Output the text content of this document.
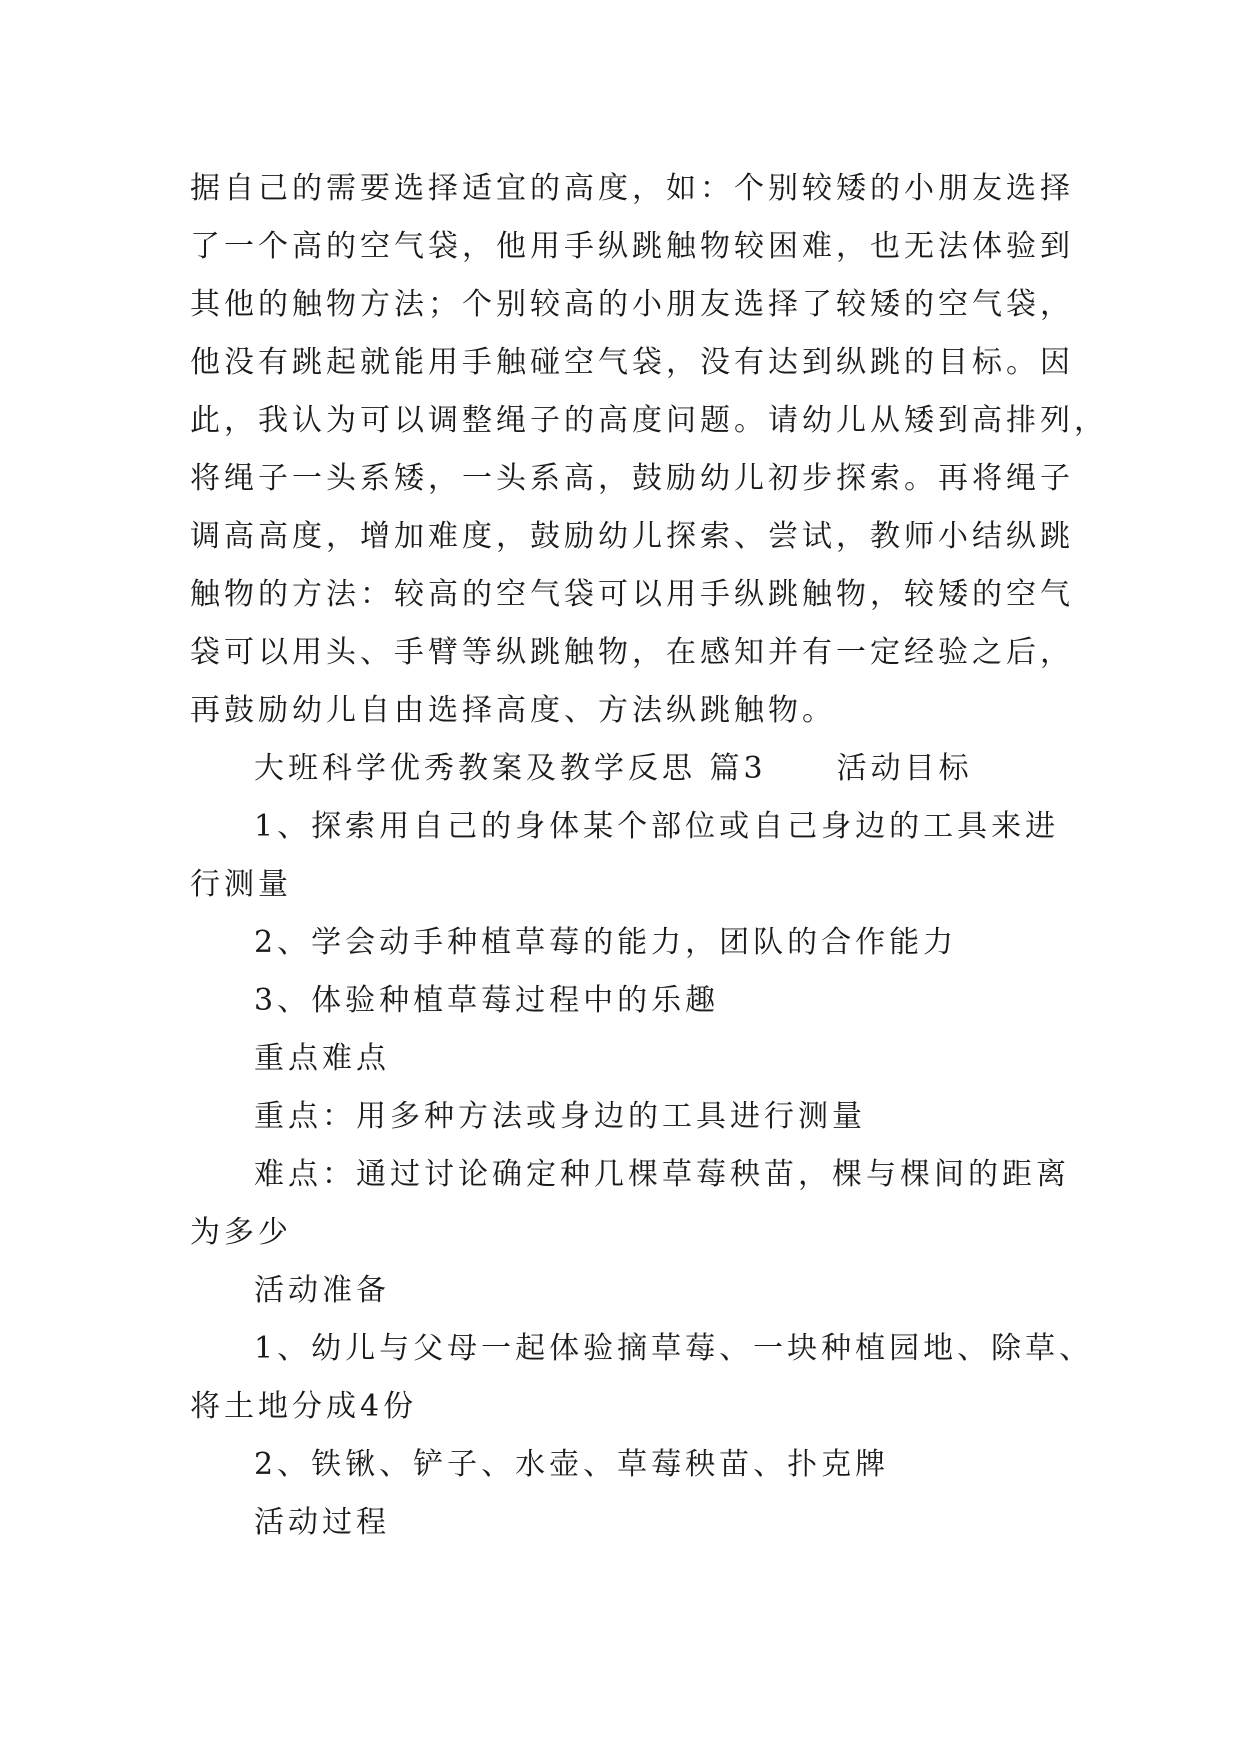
据自己的需要选择适宜的高度，如：个别较矮的小朋友选择
了一个高的空气袋，他用手纵跳触物较困难，也无法体验到
其他的触物方法；个别较高的小朋友选择了较矮的空气袋，
他没有跳起就能用手触碰空气袋，没有达到纵跳的目标。因
此，我认为可以调整绳子的高度问题。请幼儿从矮到高排列，
将绳子一头系矮，一头系高，鼓励幼儿初步探索。再将绳子
调高高度，增加难度，鼓励幼儿探索、尝试，教师小结纵跳
触物的方法：较高的空气袋可以用手纵跳触物，较矮的空气
袋可以用头、手臂等纵跳触物，在感知并有一定经验之后，
再鼓励幼儿自由选择高度、方法纵跳触物。
大班科学优秀教案及教学反思 篇3 活动目标
1、探索用自己的身体某个部位或自己身边的工具来进
行测量
2、学会动手种植草莓的能力，团队的合作能力
3、体验种植草莓过程中的乐趣
重点难点
重点：用多种方法或身边的工具进行测量
难点：通过讨论确定种几棵草莓秧苗，棵与棵间的距离
为多少
活动准备
1、幼儿与父母一起体验摘草莓、一块种植园地、除草、
将土地分成4份
2、铁锹、铲子、水壶、草莓秧苗、扑克牌
活动过程
